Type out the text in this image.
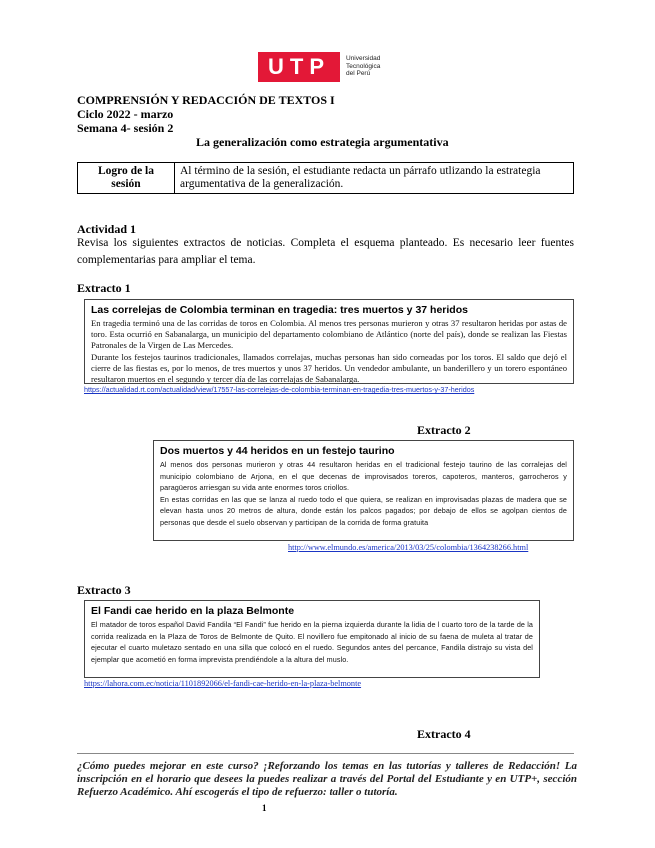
UTP	Universidad
Tecnológica
del Perú
COMPRENSIÓN Y REDACCIÓN DE TEXTOS I
Ciclo 2022 - marzo
Semana 4- sesión 2
La generalización como estrategia argumentativa
Logro de la sesión	Al término de la sesión, el estudiante redacta un párrafo utlizando la estrategia argumentativa de la generalización.
Actividad 1
Revisa los siguientes extractos de noticias. Completa el esquema planteado. Es necesario leer fuentes complementarias para ampliar el tema.
Extracto 1
Las correlejas de Colombia terminan en tragedia: tres muertos y 37 heridos
En tragedia terminó una de las corridas de toros en Colombia. Al menos tres personas murieron y otras 37 resultaron heridas por astas de toro. Esta ocurrió en Sabanalarga, un municipio del departamento colombiano de Atlántico (norte del país), donde se realizan las Fiestas Patronales de la Virgen de Las Mercedes.
Durante los festejos taurinos tradicionales, llamados correlajas, muchas personas han sido corneadas por los toros. El saldo que dejó el cierre de las fiestas es, por lo menos, de tres muertos y unos 37 heridos. Un vendedor ambulante, un banderillero y un torero espontáneo resultaron muertos en el segundo y tercer día de las correlajas de Sabanalarga.
https://actualidad.rt.com/actualidad/view/17557-las-correlejas-de-colombia-terminan-en-tragedia-tres-muertos-y-37-heridos
Extracto 2
Dos muertos y 44 heridos en un festejo taurino
Al menos dos personas murieron y otras 44 resultaron heridas en el tradicional festejo taurino de las corralejas del municipio colombiano de Arjona, en el que decenas de improvisados toreros, capoteros, manteros, garrocheros y paragüeros arriesgan su vida ante enormes toros criollos.
En estas corridas en las que se lanza al ruedo todo el que quiera, se realizan en improvisadas plazas de madera que se elevan hasta unos 20 metros de altura, donde están los palcos pagados; por debajo de ellos se agolpan cientos de personas que desde el suelo observan y participan de la corrida de forma gratuita
http://www.elmundo.es/america/2013/03/25/colombia/1364238266.html
Extracto 3
El Fandi cae herido en la plaza Belmonte
El matador de toros español David Fandila “El Fandi” fue herido en la pierna izquierda durante la lidia de l cuarto toro de la tarde de la corrida realizada en la Plaza de Toros de Belmonte de Quito. El novillero fue empitonado al inicio de su faena de muleta al tratar de ejecutar el cuarto muletazo sentado en una silla que colocó en el ruedo. Segundos antes del percance, Fandila distrajo su vista del ejemplar que acometió en forma imprevista prendiéndole a la altura del muslo.
https://lahora.com.ec/noticia/1101892066/el-fandi-cae-herido-en-la-plaza-belmonte
Extracto 4
¿Cómo puedes mejorar en este curso? ¡Reforzando los temas en las tutorías y talleres de Redacción! La inscripción en el horario que desees la puedes realizar a través del Portal del Estudiante y en UTP+, sección Refuerzo Académico. Ahí escogerás el tipo de refuerzo: taller o tutoría.
1
